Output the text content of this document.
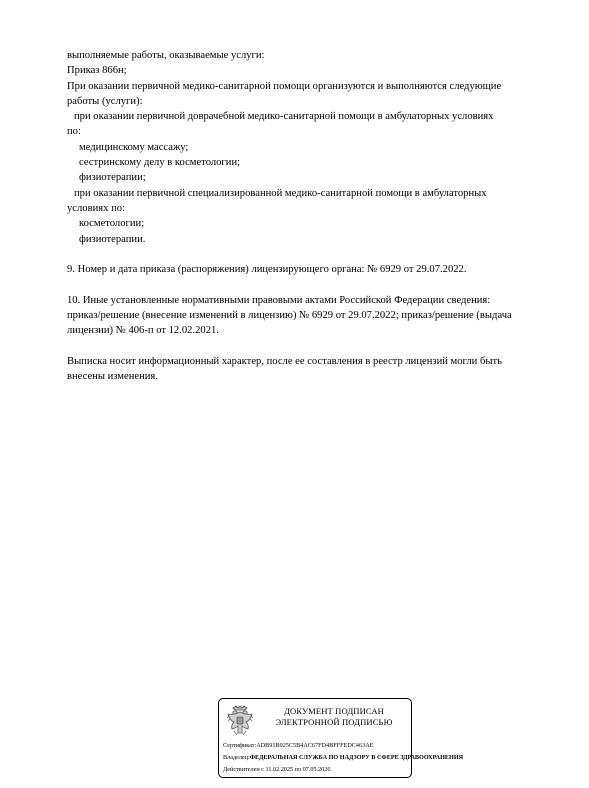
выполняемые работы, оказываемые услуги:
Приказ 866н;
При оказании первичной медико-санитарной помощи организуются и выполняются следующие
работы (услуги):
при оказании первичной доврачебной медико-санитарной помощи в амбулаторных условиях
по:
медицинскому массажу;
сестринскому делу в косметологии;
физиотерапии;
при оказании первичной специализированной медико-санитарной помощи в амбулаторных
условиях по:
косметологии;
физиотерапии.
9. Номер и дата приказа (распоряжения) лицензирующего органа: № 6929 от 29.07.2022.
10. Иные установленные нормативными правовыми актами Российской Федерации сведения:
приказ/решение (внесение изменений в лицензию) № 6929 от 29.07.2022; приказ/решение (выдача
лицензии) № 406-п от 12.02.2021.
Выписка носит информационный характер, после ее составления в реестр лицензий могли быть
внесены изменения.
ДОКУМЕНТ ПОДПИСАН
ЭЛЕКТРОННОЙ ПОДПИСЬЮ
Сертификат:ADB91B925C5B4AC67FD4BFFFEDC463AE
Владелец:ФЕДЕРАЛЬНАЯ СЛУЖБА ПО НАДЗОРУ В СФЕРЕ ЗДРАВООХРАНЕНИЯ
Действителен с 11.02.2025 по 07.05.2026
